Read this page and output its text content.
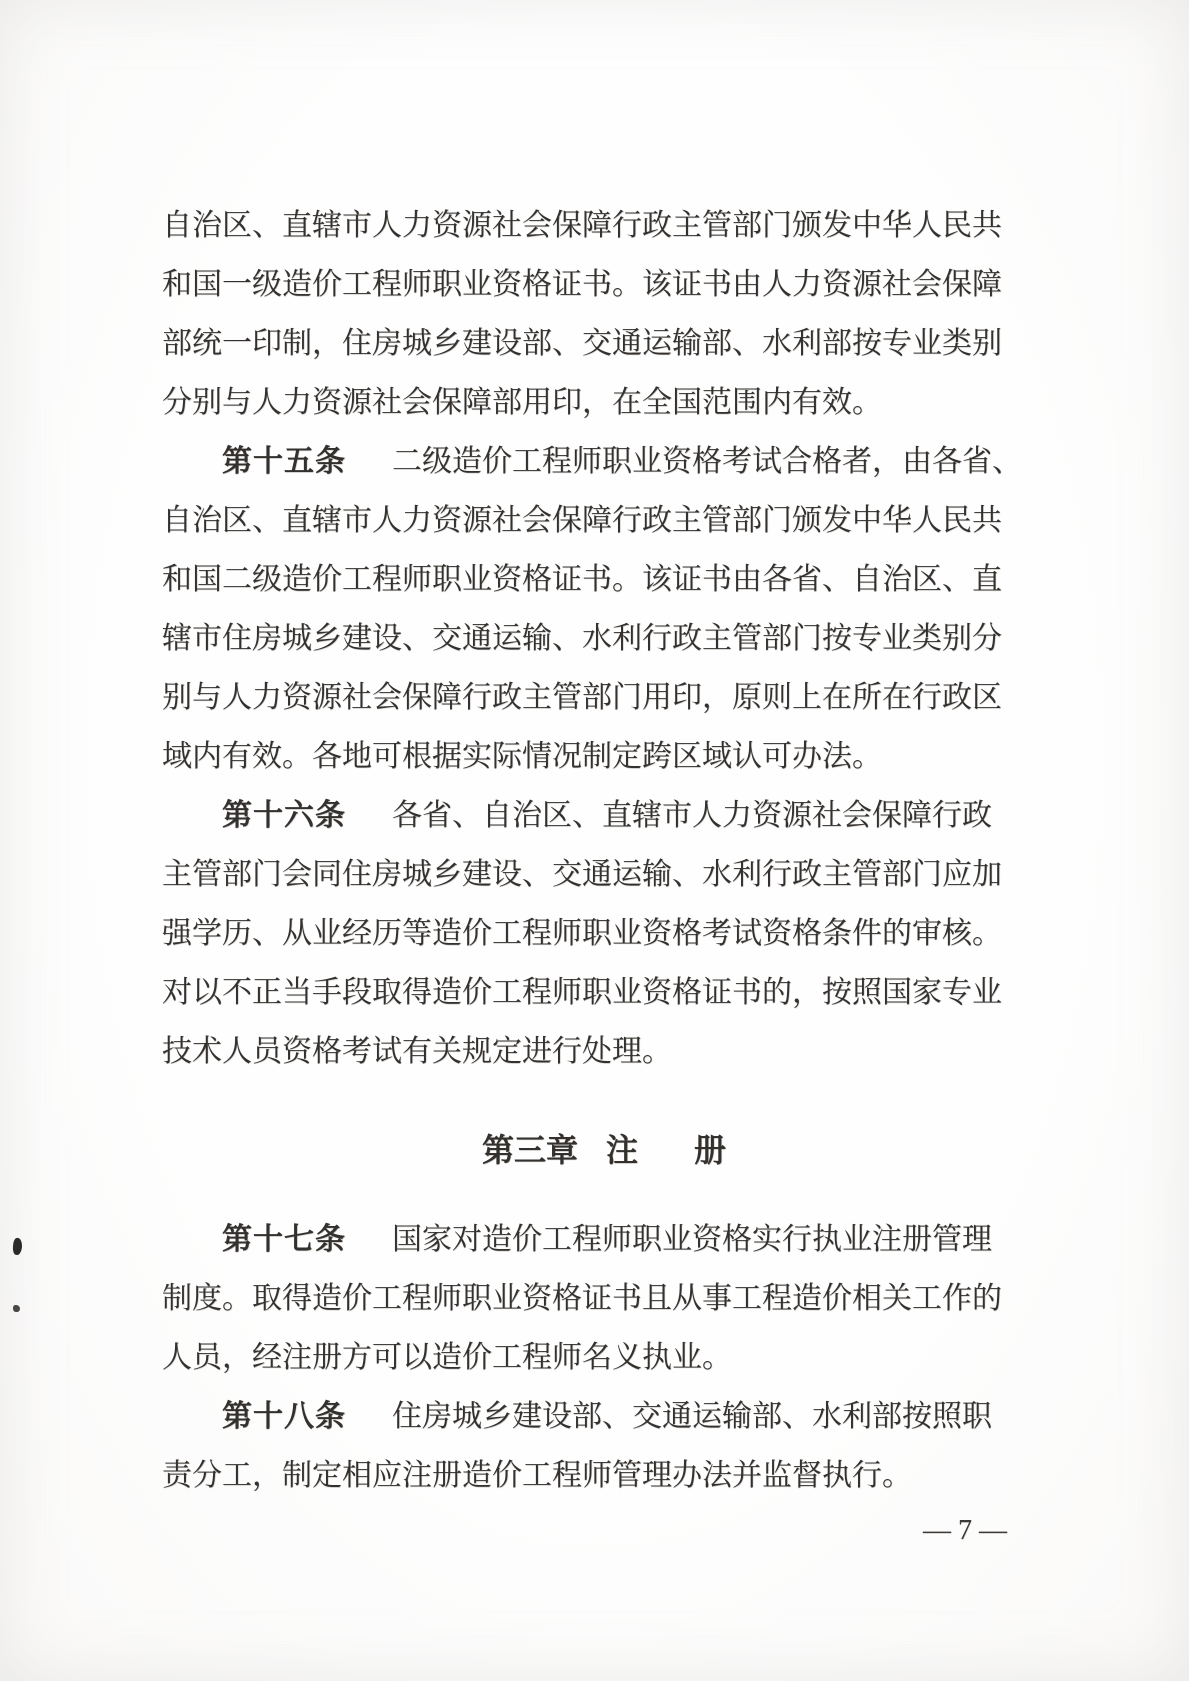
自治区、直辖市人力资源社会保障行政主管部门颁发中华人民共
和国一级造价工程师职业资格证书。该证书由人力资源社会保障
部统一印制，住房城乡建设部、交通运输部、水利部按专业类别
分别与人力资源社会保障部用印，在全国范围内有效。
第十五条 二级造价工程师职业资格考试合格者，由各省、
自治区、直辖市人力资源社会保障行政主管部门颁发中华人民共
和国二级造价工程师职业资格证书。该证书由各省、自治区、直
辖市住房城乡建设、交通运输、水利行政主管部门按专业类别分
别与人力资源社会保障行政主管部门用印，原则上在所在行政区
域内有效。各地可根据实际情况制定跨区域认可办法。
第十六条 各省、自治区、直辖市人力资源社会保障行政
主管部门会同住房城乡建设、交通运输、水利行政主管部门应加
强学历、从业经历等造价工程师职业资格考试资格条件的审核。
对以不正当手段取得造价工程师职业资格证书的，按照国家专业
技术人员资格考试有关规定进行处理。
第三章 注 册
第十七条 国家对造价工程师职业资格实行执业注册管理
制度。取得造价工程师职业资格证书且从事工程造价相关工作的
人员，经注册方可以造价工程师名义执业。
第十八条 住房城乡建设部、交通运输部、水利部按照职
责分工，制定相应注册造价工程师管理办法并监督执行。
— 7 —
